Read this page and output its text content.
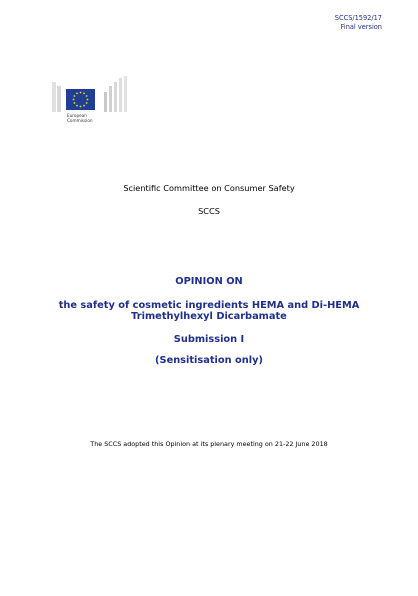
SCCS/1592/17
Final version
European
Commission
Scientific Committee on Consumer Safety
SCCS
OPINION ON
the safety of cosmetic ingredients HEMA and Di-HEMA Trimethylhexyl Dicarbamate
Submission I
(Sensitisation only)
The SCCS adopted this Opinion at its plenary meeting on 21-22 June 2018
